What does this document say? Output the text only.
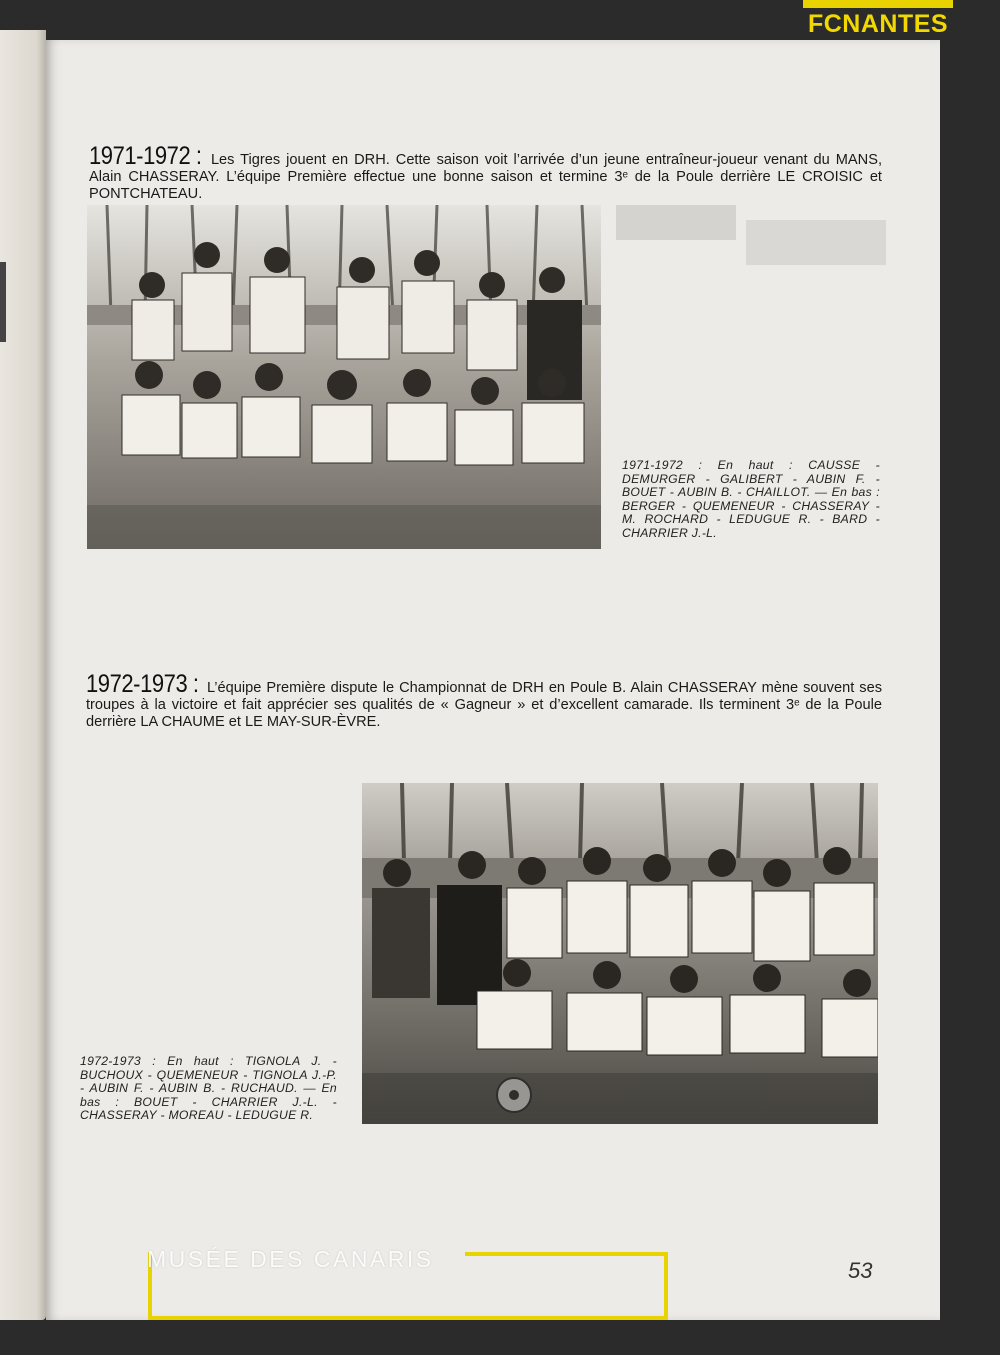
1971-1972 : Les Tigres jouent en DRH. Cette saison voit l’arrivée d’un jeune entraîneur-joueur venant du MANS, Alain CHASSERAY. L’équipe Première effectue une bonne saison et termine 3ᵉ de la Poule derrière LE CROISIC et PONTCHATEAU.
1971-1972 : En haut : CAUSSE - DEMURGER - GALIBERT - AUBIN F. - BOUET - AUBIN B. - CHAILLOT. — En bas : BERGER - QUEMENEUR - CHASSERAY - M. ROCHARD - LEDUGUE R. - BARD -CHARRIER J.-L.
1972-1973 : L’équipe Première dispute le Championnat de DRH en Poule B. Alain CHASSERAY mène souvent ses troupes à la victoire et fait apprécier ses qualités de « Gagneur » et d’excellent camarade. Ils terminent 3ᵉ de la Poule derrière LA CHAUME et LE MAY-SUR-ÈVRE.
1972-1973 : En haut : TIGNOLA J. - BUCHOUX - QUEMENEUR - TIGNOLA J.-P. - AUBIN F. - AUBIN B. - RUCHAUD. — En bas : BOUET - CHARRIER J.-L. - CHASSERAY - MOREAU - LEDUGUE R.
FCNANTES
MUSÉE DES CANARIS	53
